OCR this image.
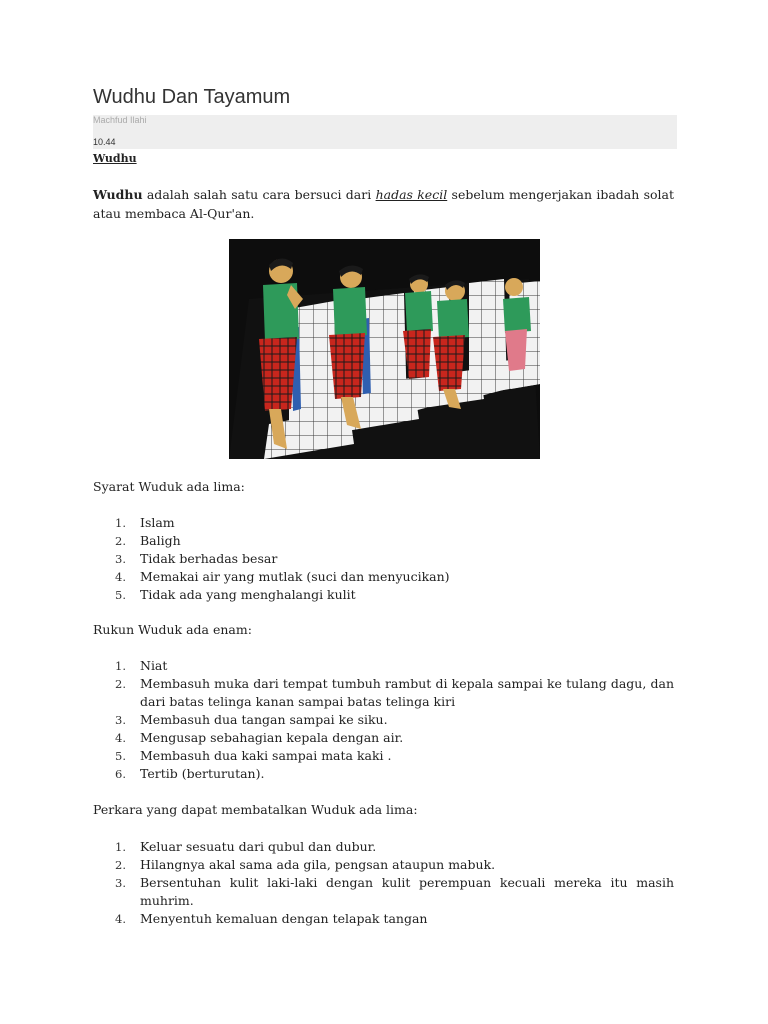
Wudhu Dan Tayamum
Machfud Ilahi
10.44
Wudhu
Wudhu adalah salah satu cara bersuci dari hadas kecil sebelum mengerjakan ibadah solat atau membaca Al-Qur'an.
Syarat Wuduk ada lima:
1. Islam
2. Baligh
3. Tidak berhadas besar
4. Memakai air yang mutlak (suci dan menyucikan)
5. Tidak ada yang menghalangi kulit
Rukun Wuduk ada enam:
1. Niat
2. Membasuh muka dari tempat tumbuh rambut di kepala sampai ke tulang dagu, dan dari batas telinga kanan sampai batas telinga kiri
3. Membasuh dua tangan sampai ke siku.
4. Mengusap sebahagian kepala dengan air.
5. Membasuh dua kaki sampai mata kaki .
6. Tertib (berturutan).
Perkara yang dapat membatalkan Wuduk ada lima:
1. Keluar sesuatu dari qubul dan dubur.
2. Hilangnya akal sama ada gila, pengsan ataupun mabuk.
3. Bersentuhan kulit laki-laki dengan kulit perempuan kecuali mereka itu masih muhrim.
4. Menyentuh kemaluan dengan telapak tangan
